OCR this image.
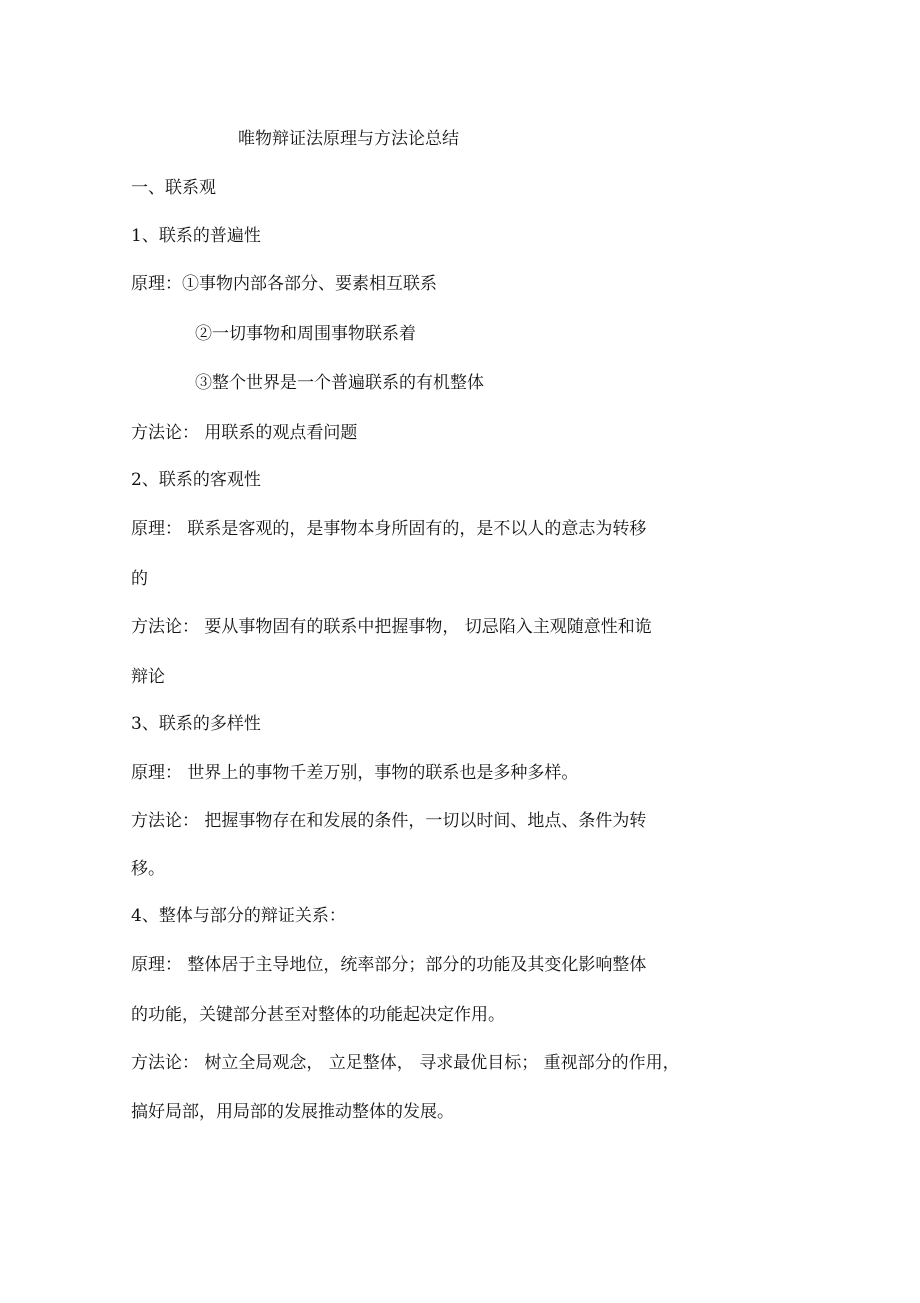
唯物辩证法原理与方法论总结
一、联系观
1、联系的普遍性
原理：①事物内部各部分、要素相互联系
②一切事物和周围事物联系着
③整个世界是一个普遍联系的有机整体
方法论： 用联系的观点看问题
2、联系的客观性
原理： 联系是客观的，是事物本身所固有的，是不以人的意志为转移
的
方法论： 要从事物固有的联系中把握事物， 切忌陷入主观随意性和诡
辩论
3、联系的多样性
原理： 世界上的事物千差万别，事物的联系也是多种多样。
方法论： 把握事物存在和发展的条件，一切以时间、地点、条件为转
移。
4、整体与部分的辩证关系：
原理： 整体居于主导地位，统率部分；部分的功能及其变化影响整体
的功能，关键部分甚至对整体的功能起决定作用。
方法论： 树立全局观念， 立足整体， 寻求最优目标； 重视部分的作用，
搞好局部，用局部的发展推动整体的发展。
